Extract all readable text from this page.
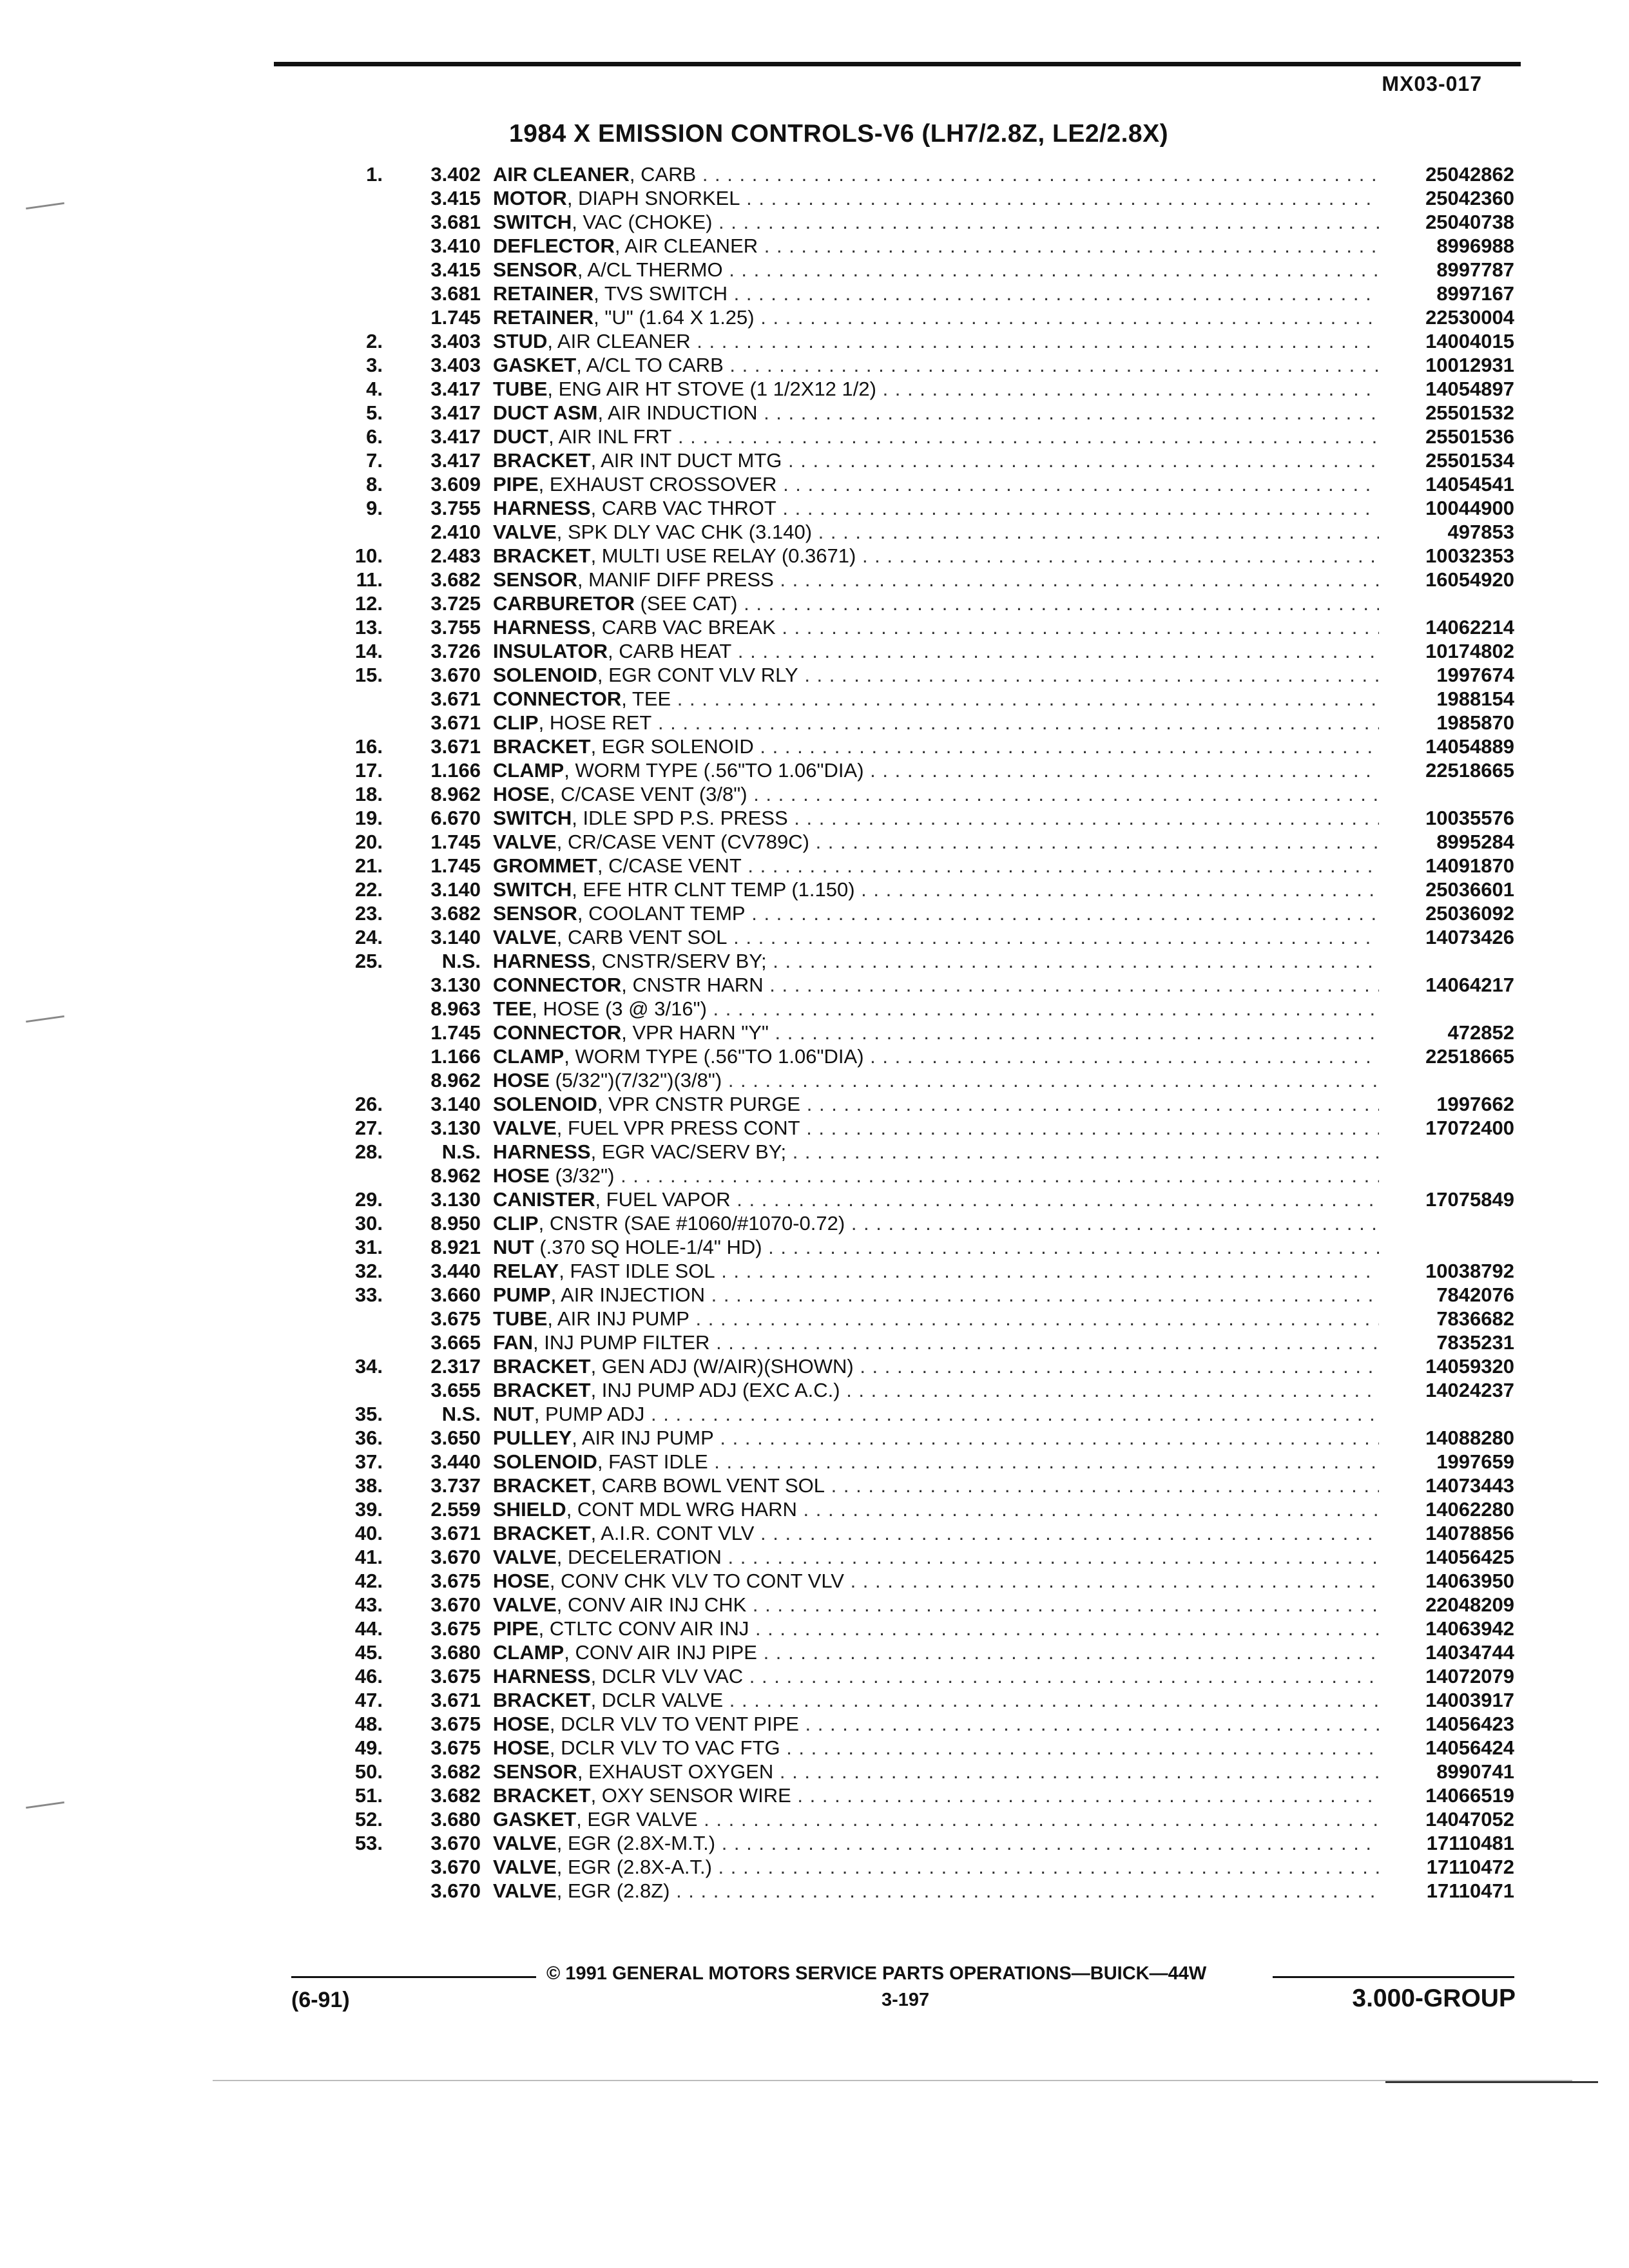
MX03-017
1984 X EMISSION CONTROLS-V6 (LH7/2.8Z, LE2/2.8X)
1.	3.402 AIR CLEANER, CARB . . .	25042862
3.415 MOTOR, DIAPH SNORKEL . . .	25042360
3.681 SWITCH, VAC (CHOKE) . . .	25040738
3.410 DEFLECTOR, AIR CLEANER . . .	8996988
3.415 SENSOR, A/CL THERMO . . .	8997787
3.681 RETAINER, TVS SWITCH . . .	8997167
1.745 RETAINER, "U" (1.64 X 1.25) . . .	22530004
2.	3.403 STUD, AIR CLEANER . . .	14004015
3.	3.403 GASKET, A/CL TO CARB . . .	10012931
4.	3.417 TUBE, ENG AIR HT STOVE (1 1/2X12 1/2) . . .	14054897
5.	3.417 DUCT ASM, AIR INDUCTION . . .	25501532
6.	3.417 DUCT, AIR INL FRT . . .	25501536
7.	3.417 BRACKET, AIR INT DUCT MTG . . .	25501534
8.	3.609 PIPE, EXHAUST CROSSOVER . . .	14054541
9.	3.755 HARNESS, CARB VAC THROT . . .	10044900
2.410 VALVE, SPK DLY VAC CHK (3.140) . . .	497853
10.	2.483 BRACKET, MULTI USE RELAY (0.3671) . . .	10032353
11.	3.682 SENSOR, MANIF DIFF PRESS . . .	16054920
12.	3.725 CARBURETOR (SEE CAT) . . .
13.	3.755 HARNESS, CARB VAC BREAK . . .	14062214
14.	3.726 INSULATOR, CARB HEAT . . .	10174802
15.	3.670 SOLENOID, EGR CONT VLV RLY . . .	1997674
3.671 CONNECTOR, TEE . . .	1988154
3.671 CLIP, HOSE RET . . .	1985870
16.	3.671 BRACKET, EGR SOLENOID . . .	14054889
17.	1.166 CLAMP, WORM TYPE (.56"TO 1.06"DIA) . . .	22518665
18.	8.962 HOSE, C/CASE VENT (3/8") . . .
19.	6.670 SWITCH, IDLE SPD P.S. PRESS . . .	10035576
20.	1.745 VALVE, CR/CASE VENT (CV789C) . . .	8995284
21.	1.745 GROMMET, C/CASE VENT . . .	14091870
22.	3.140 SWITCH, EFE HTR CLNT TEMP (1.150) . . .	25036601
23.	3.682 SENSOR, COOLANT TEMP . . .	25036092
24.	3.140 VALVE, CARB VENT SOL . . .	14073426
25.	N.S. HARNESS, CNSTR/SERV BY; . . .
3.130 CONNECTOR, CNSTR HARN . . .	14064217
8.963 TEE, HOSE (3 @ 3/16") . . .
1.745 CONNECTOR, VPR HARN "Y" . . .	472852
1.166 CLAMP, WORM TYPE (.56"TO 1.06"DIA) . . .	22518665
8.962 HOSE (5/32")(7/32")(3/8") . . .
26.	3.140 SOLENOID, VPR CNSTR PURGE . . .	1997662
27.	3.130 VALVE, FUEL VPR PRESS CONT . . .	17072400
28.	N.S. HARNESS, EGR VAC/SERV BY; . . .
8.962 HOSE (3/32") . . .
29.	3.130 CANISTER, FUEL VAPOR . . .	17075849
30.	8.950 CLIP, CNSTR (SAE #1060/#1070-0.72) . . .
31.	8.921 NUT (.370 SQ HOLE-1/4" HD) . . .
32.	3.440 RELAY, FAST IDLE SOL . . .	10038792
33.	3.660 PUMP, AIR INJECTION . . .	7842076
3.675 TUBE, AIR INJ PUMP . . .	7836682
3.665 FAN, INJ PUMP FILTER . . .	7835231
34.	2.317 BRACKET, GEN ADJ (W/AIR)(SHOWN) . . .	14059320
3.655 BRACKET, INJ PUMP ADJ (EXC A.C.) . . .	14024237
35.	N.S. NUT, PUMP ADJ . . .
36.	3.650 PULLEY, AIR INJ PUMP . . .	14088280
37.	3.440 SOLENOID, FAST IDLE . . .	1997659
38.	3.737 BRACKET, CARB BOWL VENT SOL . . .	14073443
39.	2.559 SHIELD, CONT MDL WRG HARN . . .	14062280
40.	3.671 BRACKET, A.I.R. CONT VLV . . .	14078856
41.	3.670 VALVE, DECELERATION . . .	14056425
42.	3.675 HOSE, CONV CHK VLV TO CONT VLV . . .	14063950
43.	3.670 VALVE, CONV AIR INJ CHK . . .	22048209
44.	3.675 PIPE, CTLTC CONV AIR INJ . . .	14063942
45.	3.680 CLAMP, CONV AIR INJ PIPE . . .	14034744
46.	3.675 HARNESS, DCLR VLV VAC . . .	14072079
47.	3.671 BRACKET, DCLR VALVE . . .	14003917
48.	3.675 HOSE, DCLR VLV TO VENT PIPE . . .	14056423
49.	3.675 HOSE, DCLR VLV TO VAC FTG . . .	14056424
50.	3.682 SENSOR, EXHAUST OXYGEN . . .	8990741
51.	3.682 BRACKET, OXY SENSOR WIRE . . .	14066519
52.	3.680 GASKET, EGR VALVE . . .	14047052
53.	3.670 VALVE, EGR (2.8X-M.T.) . . .	17110481
3.670 VALVE, EGR (2.8X-A.T.) . . .	17110472
3.670 VALVE, EGR (2.8Z) . . .	17110471
© 1991 GENERAL MOTORS SERVICE PARTS OPERATIONS—BUICK—44W
(6-91)	3-197	3.000-GROUP
